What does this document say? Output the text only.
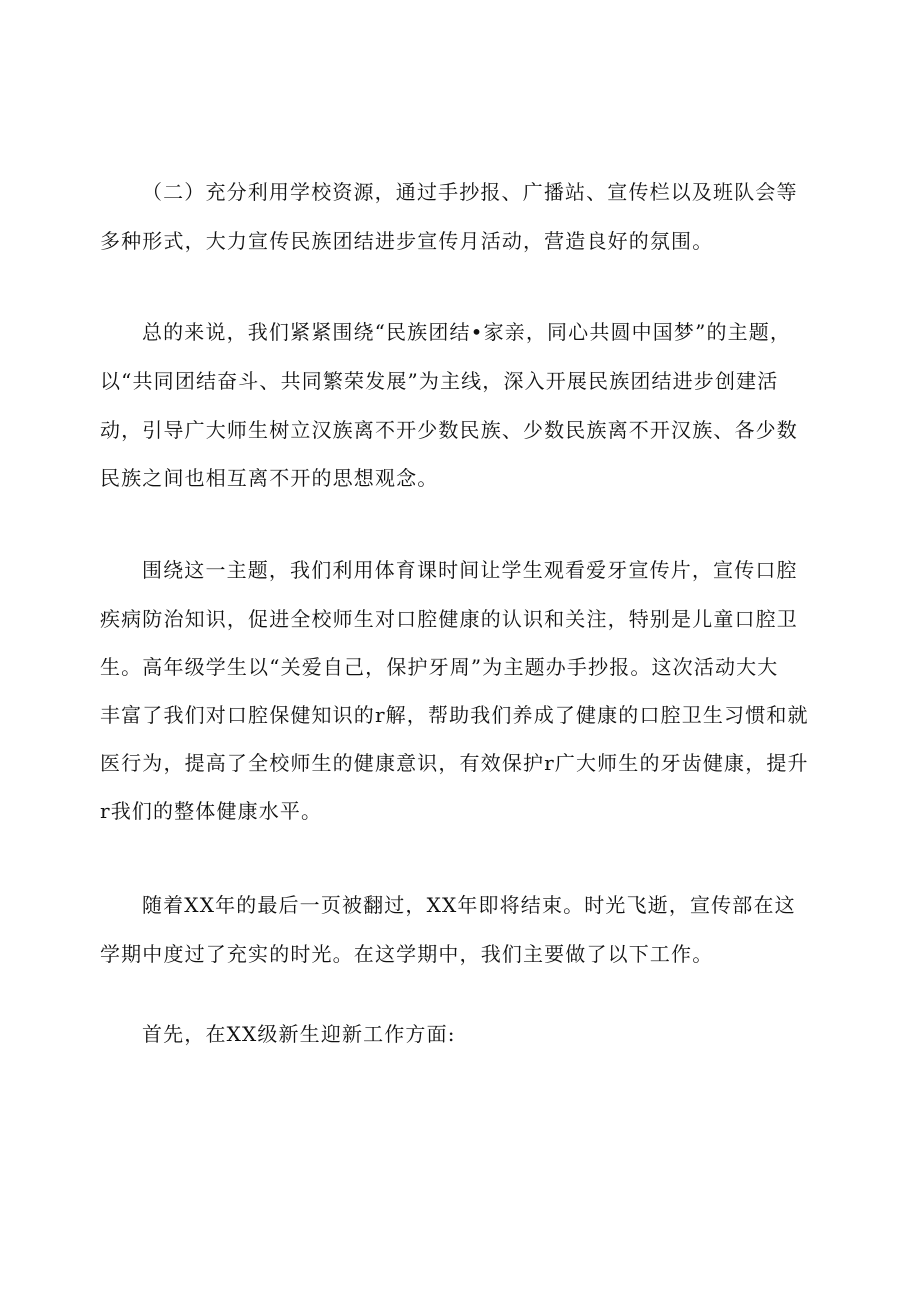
（二）充分利用学校资源，通过手抄报、广播站、宣传栏以及班队会等
多种形式，大力宣传民族团结进步宣传月活动，营造良好的氛围。
总的来说，我们紧紧围绕“民族团结•家亲，同心共圆中国梦”的主题，
以“共同团结奋斗、共同繁荣发展”为主线，深入开展民族团结进步创建活
动，引导广大师生树立汉族离不开少数民族、少数民族离不开汉族、各少数
民族之间也相互离不开的思想观念。
围绕这一主题，我们利用体育课时间让学生观看爱牙宣传片，宣传口腔
疾病防治知识，促进全校师生对口腔健康的认识和关注，特别是儿童口腔卫
生。高年级学生以“关爱自己，保护牙周”为主题办手抄报。这次活动大大
丰富了我们对口腔保健知识的r解，帮助我们养成了健康的口腔卫生习惯和就
医行为，提高了全校师生的健康意识，有效保护r广大师生的牙齿健康，提升
r我们的整体健康水平。
随着XX年的最后一页被翻过，XX年即将结束。时光飞逝，宣传部在这
学期中度过了充实的时光。在这学期中，我们主要做了以下工作。
首先，在XX级新生迎新工作方面:
